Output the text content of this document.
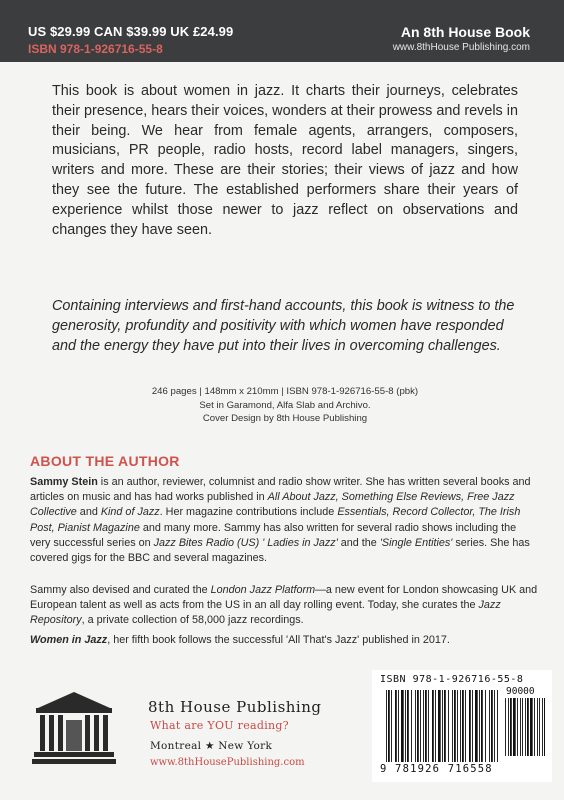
US $29.99 CAN $39.99 UK £24.99
ISBN 978-1-926716-55-8
An 8th House Book
www.8thHouse Publishing.com

This book is about women in jazz. It charts their journeys, celebrates their presence, hears their voices, wonders at their prowess and revels in their being. We hear from female agents, arrangers, composers, musicians, PR people, radio hosts, record label managers, singers, writers and more. These are their stories; their views of jazz and how they see the future. The established performers share their years of experience whilst those newer to jazz reflect on observations and changes they have seen.

Containing interviews and first-hand accounts, this book is witness to the generosity, profundity and positivity with which women have responded and the energy they have put into their lives in overcoming challenges.

246 pages | 148mm x 210mm | ISBN 978-1-926716-55-8 (pbk)
Set in Garamond, Alfa Slab and Archivo.
Cover Design by 8th House Publishing
ABOUT THE AUTHOR

Sammy Stein is an author, reviewer, columnist and radio show writer. She has written several books and articles on music and has had works published in All About Jazz, Something Else Reviews, Free Jazz Collective and Kind of Jazz. Her magazine contributions include Essentials, Record Collector, The Irish Post, Pianist Magazine and many more. Sammy has also written for several radio shows including the very successful series on Jazz Bites Radio (US) ' Ladies in Jazz' and the 'Single Entities' series. She has covered gigs for the BBC and several magazines.

Sammy also devised and curated the London Jazz Platform—a new event for London showcasing UK and European talent as well as acts from the US in an all day rolling event. Today, she curates the Jazz Repository, a private collection of 58,000 jazz recordings.

Women in Jazz, her fifth book follows the successful 'All That's Jazz' published in 2017.

8th House Publishing
What are YOU reading?
Montreal ★ New York
www.8thHousePublishing.com
ISBN 978-1-926716-55-8
90000
9 781926 716558
